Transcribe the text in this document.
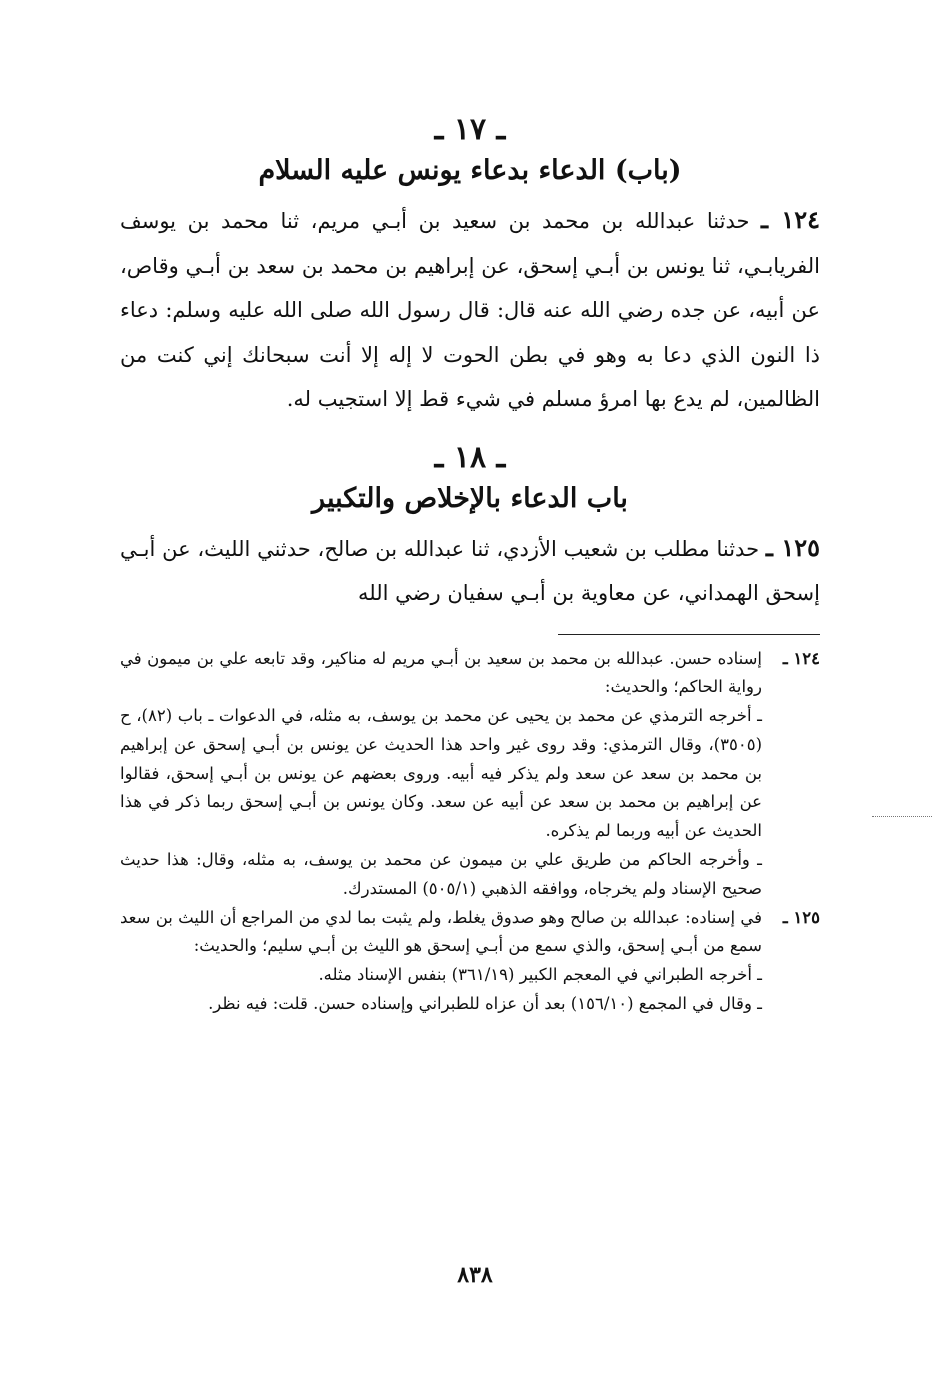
ـ ١٧ ـ
(باب) الدعاء بدعاء يونس عليه السلام

١٢٤ ـ حدثنا عبدالله بن محمد بن سعيد بن أبـي مريم، ثنا محمد بن يوسف الفريابـي، ثنا يونس بن أبـي إسحق، عن إبراهيم بن محمد بن سعد بن أبـي وقاص، عن أبيه، عن جده رضي الله عنه قال: قال رسول الله صلى الله عليه وسلم: دعاء ذا النون الذي دعا به وهو في بطن الحوت لا إله إلا أنت سبحانك إني كنت من الظالمين، لم يدع بها امرؤ مسلم في شيء قط إلا استجيب له.

ـ ١٨ ـ
باب الدعاء بالإخلاص والتكبير

١٢٥ ـ حدثنا مطلب بن شعيب الأزدي، ثنا عبدالله بن صالح، حدثني الليث، عن أبـي إسحق الهمداني، عن معاوية بن أبـي سفيان رضي الله

١٢٤ ـ

إسناده حسن. عبدالله بن محمد بن سعيد بن أبـي مريم له مناكير، وقد تابعه علي بن ميمون في رواية الحاكم؛ والحديث:

ـ أخرجه الترمذي عن محمد بن يحيى عن محمد بن يوسف، به مثله، في الدعوات ـ باب (٨٢)، ح (٣٥٠٥)، وقال الترمذي: وقد روى غير واحد هذا الحديث عن يونس بن أبـي إسحق عن إبراهيم بن محمد بن سعد عن سعد ولم يذكر فيه أبيه. وروى بعضهم عن يونس بن أبـي إسحق، فقالوا عن إبراهيم بن محمد بن سعد عن أبيه عن سعد. وكان يونس بن أبـي إسحق ربما ذكر في هذا الحديث عن أبيه وربما لم يذكره.

ـ وأخرجه الحاكم من طريق علي بن ميمون عن محمد بن يوسف، به مثله، وقال: هذا حديث صحيح الإسناد ولم يخرجاه، ووافقه الذهبي (٥٠٥/١) المستدرك.

١٢٥ ـ

في إسناده: عبدالله بن صالح وهو صدوق يغلط، ولم يثبت بما لدي من المراجع أن الليث بن سعد سمع من أبـي إسحق، والذي سمع من أبـي إسحق هو الليث بن أبـي سليم؛ والحديث:

ـ أخرجه الطبراني في المعجم الكبير (٣٦١/١٩) بنفس الإسناد مثله.

ـ وقال في المجمع (١٥٦/١٠) بعد أن عزاه للطبراني وإسناده حسن. قلت: فيه نظر.

٨٣٨
